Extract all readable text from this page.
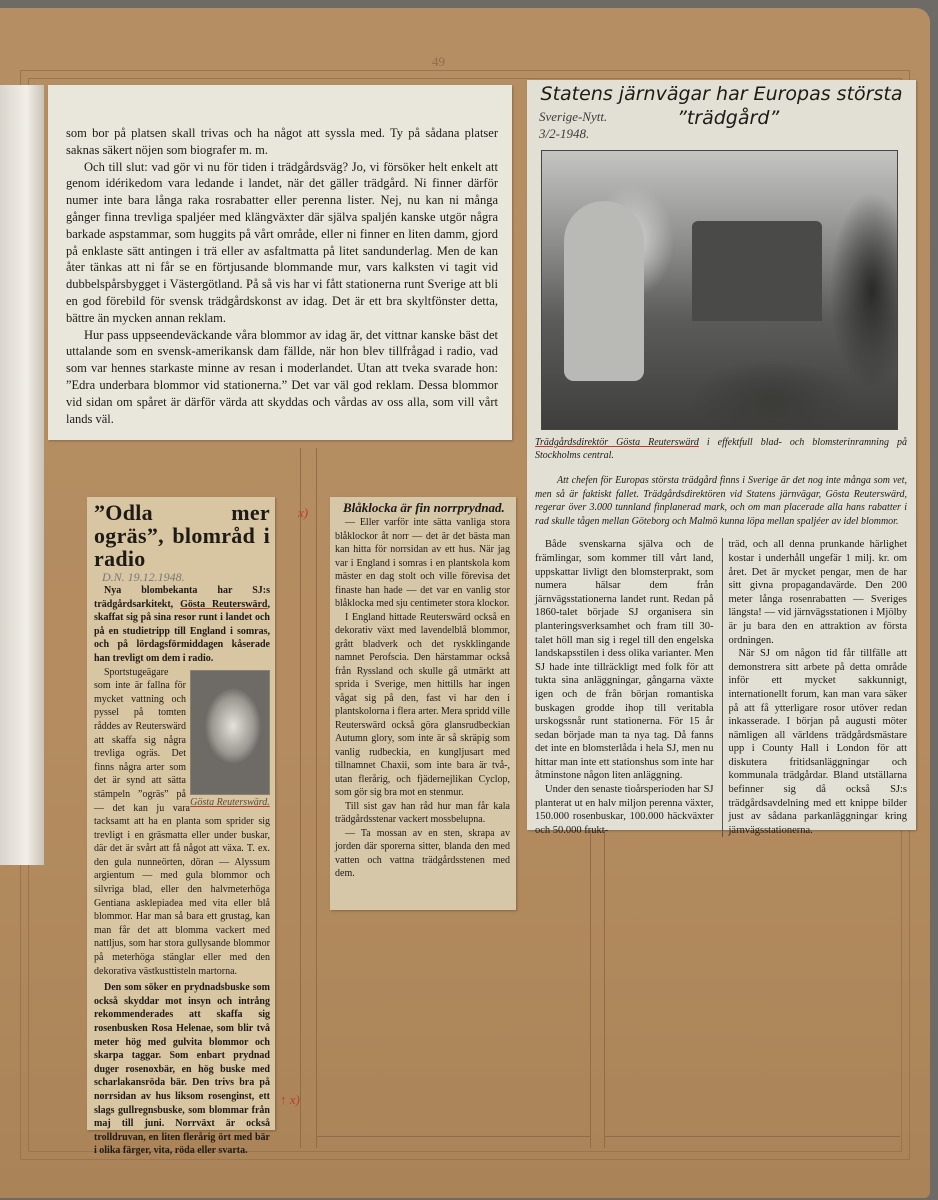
49

som bor på platsen skall trivas och ha något att syssla med. Ty på sådana platser saknas säkert nöjen som biografer m. m.

Och till slut: vad gör vi nu för tiden i trädgårdsväg? Jo, vi försöker helt enkelt att genom idérikedom vara ledande i landet, när det gäller trädgård. Ni finner därför numer inte bara långa raka rosrabatter eller perenna lister. Nej, nu kan ni många gånger finna trevliga spaljéer med klängväxter där själva spaljén kanske utgör några barkade aspstammar, som huggits på vårt område, eller ni finner en liten damm, gjord på enklaste sätt antingen i trä eller av asfaltmatta på litet sandunderlag. Men de kan åter tänkas att ni får se en förtjusande blommande mur, vars kalksten vi tagit vid dubbelspårsbygget i Västergötland. På så vis har vi fått stationerna runt Sverige att bli en god förebild för svensk trädgårdskonst av idag. Det är ett bra skyltfönster detta, bättre än mycken annan reklam.

Hur pass uppseendeväckande våra blommor av idag är, det vittnar kanske bäst det uttalande som en svensk-amerikansk dam fällde, när hon blev tillfrågad i radio, vad som var hennes starkaste minne av resan i moderlandet. Utan att tveka svarade hon: ”Edra underbara blommor vid stationerna.” Det var väl god reklam. Dessa blommor vid sidan om spåret är därför värda att skyddas och vårdas av oss alla, som vill vårt lands väl.

Statens järnvägar har Europas största
Sverige-Nytt.
3/2-1948.
”trädgård”
Trädgårdsdirektör Gösta Reuterswärd i effektfull blad- och blomsterinramning på Stockholms central.
Att chefen för Europas största trädgård finns i Sverige är det nog inte många som vet, men så är faktiskt fallet. Trädgårdsdirektören vid Statens järnvägar, Gösta Reuterswärd, regerar över 3.000 tunnland finplanerad mark, och om man placerade alla hans rabatter i rad skulle tågen mellan Göteborg och Malmö kunna löpa mellan spaljéer av idel blommor.

Både svenskarna själva och de främlingar, som kommer till vårt land, uppskattar livligt den blomsterprakt, som numera hälsar dem från järnvägsstationerna landet runt. Redan på 1860-talet började SJ organisera sin planteringsverksamhet och fram till 30-talet höll man sig i regel till den engelska landskapsstilen i dess olika varianter. Men SJ hade inte tillräckligt med folk för att tukta sina anläggningar, gångarna växte igen och de från början romantiska buskagen grodde ihop till veritabla urskogssnår runt stationerna. För 15 år sedan började man ta nya tag. Då fanns det inte en blomsterlåda i hela SJ, men nu hittar man inte ett stationshus som inte har åtminstone någon liten anläggning.

Under den senaste tioårsperioden har SJ planterat ut en halv miljon perenna växter, 150.000 rosenbuskar, 100.000 häckväxter och 50.000 frukt-

träd, och all denna prunkande härlighet kostar i underhåll ungefär 1 milj. kr. om året. Det är mycket pengar, men de har sitt givna propagandavärde. Den 200 meter långa rosenrabatten — Sveriges längsta! — vid järnvägsstationen i Mjölby är ju bara den en attraktion av första ordningen.

När SJ om någon tid får tillfälle att demonstrera sitt arbete på detta område inför ett mycket sakkunnigt, internationellt forum, kan man vara säker på att få ytterligare rosor utöver redan inkasserade. I början på augusti möter nämligen all världens trädgårdsmästare upp i County Hall i London för att diskutera fritidsanläggningar och kommunala trädgårdar. Bland utställarna befinner sig då också SJ:s trädgårdsavdelning med ett knippe bilder just av sådana parkanläggningar kring järnvägsstationerna.

”Odla mer ogräs”, blområd i radio
D.N. 19.12.1948.

Nya blombekanta har SJ:s trädgårdsarkitekt, Gösta Reuterswärd, skaffat sig på sina resor runt i landet och på en studietripp till England i somras, och på lördagsförmiddagen kåserade han trevligt om dem i radio.

Gösta Reuterswärd.

Sportstugeägare som inte är fallna för mycket vattning och pyssel på tomten råddes av Reuterswärd att skaffa sig några trevliga ogräs. Det finns några arter som det är synd att sätta stämpeln ”ogräs” på — det kan ju vara tacksamt att ha en planta som sprider sig trevligt i en gräsmatta eller under buskar, där det är svårt att få något att växa. T. ex. den gula nunneörten, döran — Alyssum argientum — med gula blommor och silvriga blad, eller den halvmeterhöga Gentiana asklepiadea med vita eller blå blommor. Har man så bara ett grustag, kan man får det att blomma vackert med nattljus, som har stora gullysande blommor på meterhöga stänglar eller med den dekorativa västkusttisteln martorna.

Den som söker en prydnadsbuske som också skyddar mot insyn och intrång rekommenderades att skaffa sig rosenbusken Rosa Helenae, som blir två meter hög med gulvita blommor och skarpa taggar. Som enbart prydnad duger rosenoxbär, en hög buske med scharlakansröda bär. Den trivs bra på norrsidan av hus liksom rosenginst, ett slags gullregnsbuske, som blommar från maj till juni. Norrväxt är också trolldruvan, en liten flerårig ört med bär i olika färger, vita, röda eller svarta.

Blåklocka är fin norrprydnad.

— Eller varför inte sätta vanliga stora blåklockor åt norr — det är det bästa man kan hitta för norrsidan av ett hus. När jag var i England i somras i en plantskola kom mäster en dag stolt och ville förevisa det finaste han hade — det var en vanlig stor blåklocka med sju centimeter stora klockor.

I England hittade Reuterswärd också en dekorativ växt med lavendelblå blommor, grått bladverk och det ryskklingande namnet Perofscia. Den härstammar också från Ryssland och skulle gå utmärkt att sprida i Sverige, men hittills har ingen vågat sig på den, fast vi har den i plantskolorna i flera arter. Mera spridd ville Reuterswärd också göra glansrudbeckian Autumn glory, som inte är så skräpig som vanlig rudbeckia, en kungljusart med tillnamnet Chaxii, som inte bara är två-, utan flerårig, och fjädernejlikan Cyclop, som gör sig bra mot en stenmur.

Till sist gav han råd hur man får kala trädgårdsstenar vackert mossbelupna.

— Ta mossan av en sten, skrapa av jorden där sporerna sitter, blanda den med vatten och vattna trädgårdsstenen med dem.

x)
↑ x)
